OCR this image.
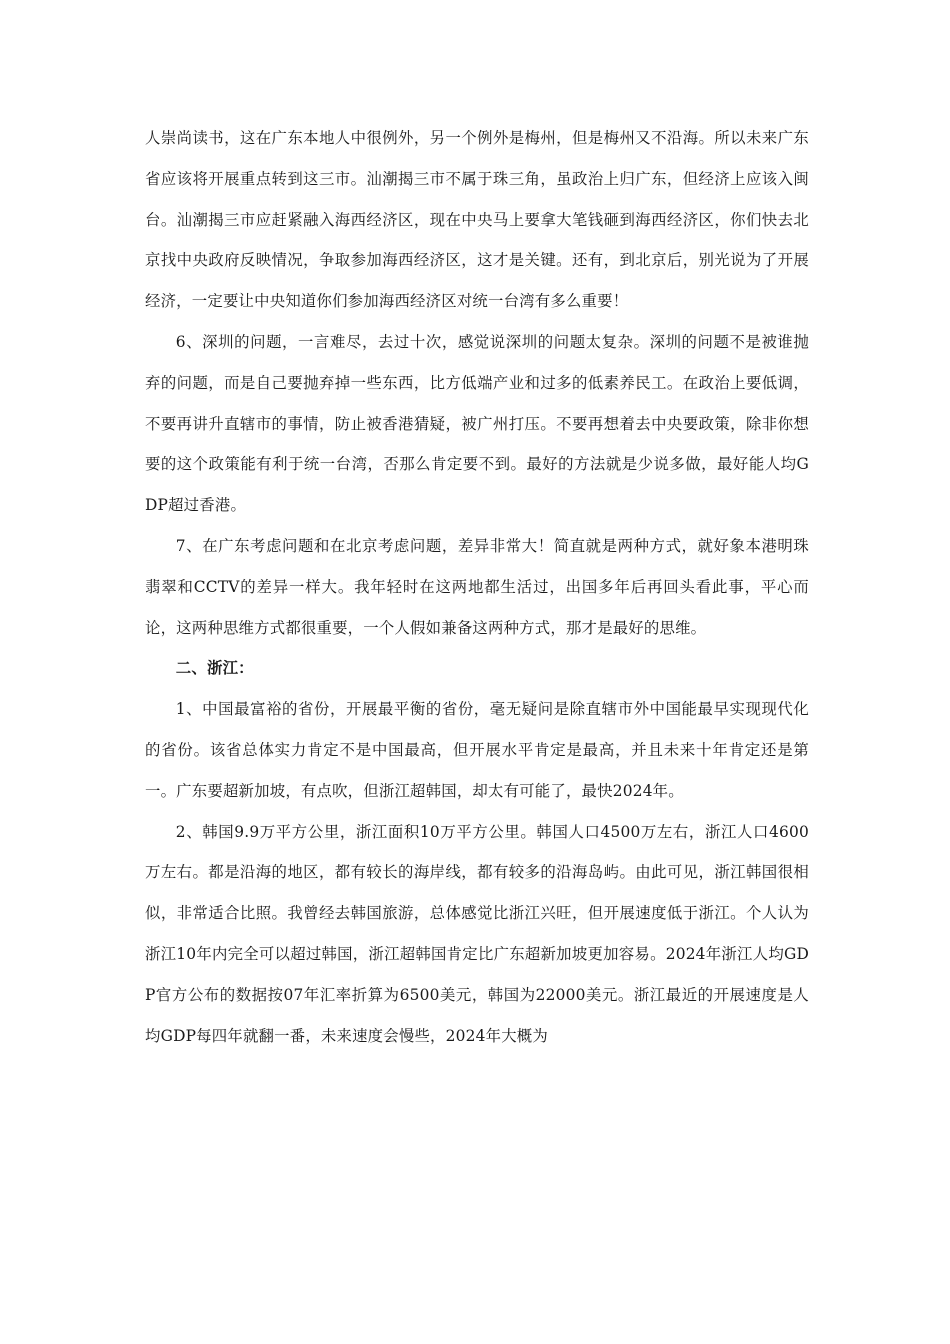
人崇尚读书，这在广东本地人中很例外，另一个例外是梅州，但是梅州又不沿海。所以未来广东省应该将开展重点转到这三市。汕潮揭三市不属于珠三角，虽政治上归广东，但经济上应该入闽台。汕潮揭三市应赶紧融入海西经济区，现在中央马上要拿大笔钱砸到海西经济区，你们快去北京找中央政府反映情况，争取参加海西经济区，这才是关键。还有，到北京后，别光说为了开展经济，一定要让中央知道你们参加海西经济区对统一台湾有多么重要！

6、深圳的问题，一言难尽，去过十次，感觉说深圳的问题太复杂。深圳的问题不是被谁抛弃的问题，而是自己要抛弃掉一些东西，比方低端产业和过多的低素养民工。在政治上要低调，不要再讲升直辖市的事情，防止被香港猜疑，被广州打压。不要再想着去中央要政策，除非你想要的这个政策能有利于统一台湾，否那么肯定要不到。最好的方法就是少说多做，最好能人均GDP超过香港。

7、在广东考虑问题和在北京考虑问题，差异非常大！简直就是两种方式，就好象本港明珠翡翠和CCTV的差异一样大。我年轻时在这两地都生活过，出国多年后再回头看此事，平心而论，这两种思维方式都很重要，一个人假如兼备这两种方式，那才是最好的思维。

二、浙江：

1、中国最富裕的省份，开展最平衡的省份，毫无疑问是除直辖市外中国能最早实现现代化的省份。该省总体实力肯定不是中国最高，但开展水平肯定是最高，并且未来十年肯定还是第一。广东要超新加坡，有点吹，但浙江超韩国，却太有可能了，最快2024年。

2、韩国9.9万平方公里，浙江面积10万平方公里。韩国人口4500万左右，浙江人口4600万左右。都是沿海的地区，都有较长的海岸线，都有较多的沿海岛屿。由此可见，浙江韩国很相似，非常适合比照。我曾经去韩国旅游，总体感觉比浙江兴旺，但开展速度低于浙江。个人认为浙江10年内完全可以超过韩国，浙江超韩国肯定比广东超新加坡更加容易。2024年浙江人均GDP官方公布的数据按07年汇率折算为6500美元，韩国为22000美元。浙江最近的开展速度是人均GDP每四年就翻一番，未来速度会慢些，2024年大概为
